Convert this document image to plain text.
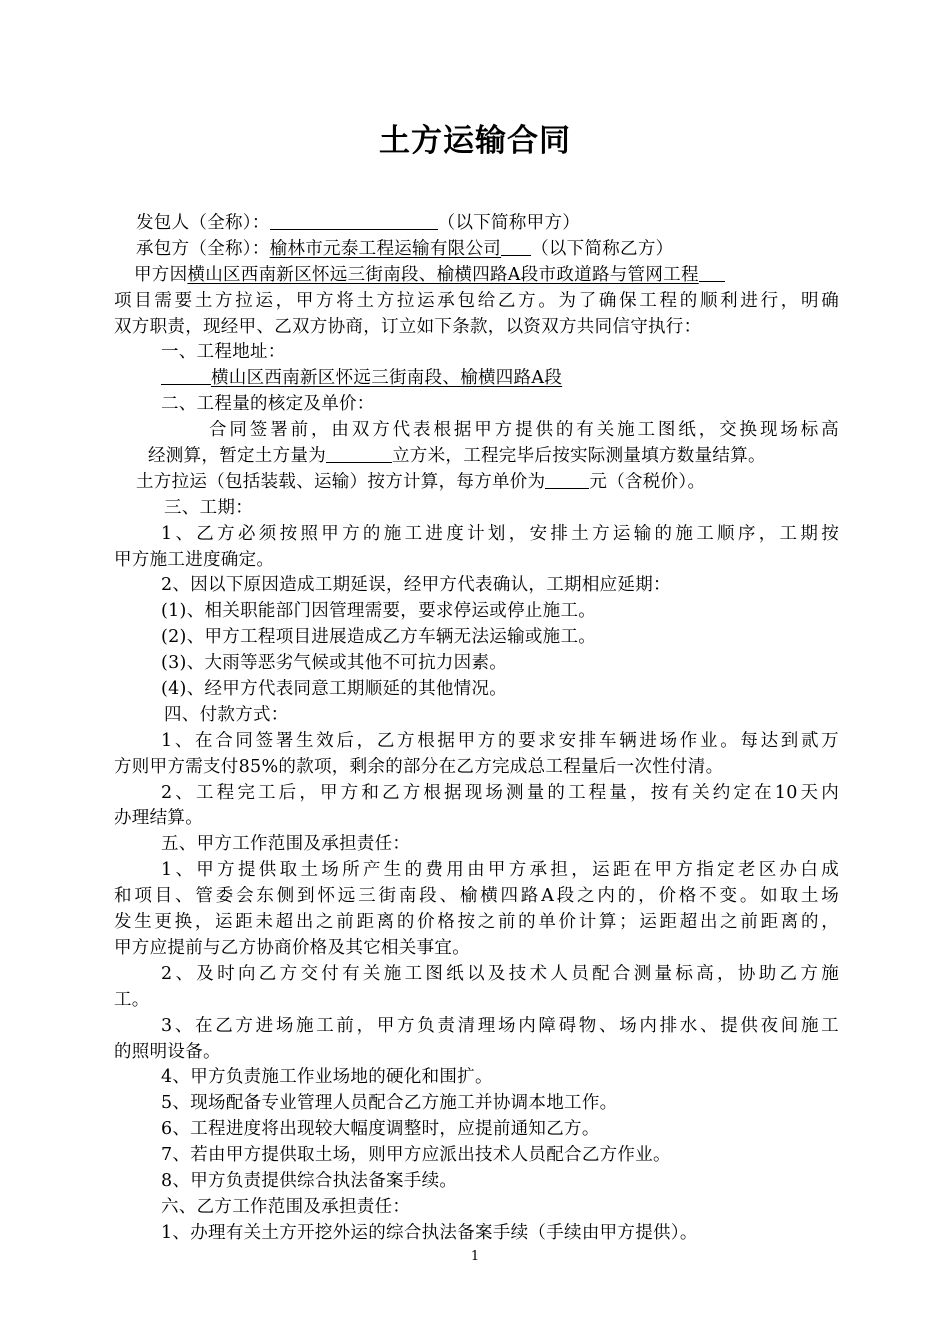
土方运输合同
发包人（全称）：	（以下简称甲方）
承包方（全称）：榆林市元泰工程运输有限公司 （以下简称乙方）
甲方因横山区西南新区怀远三街南段、榆横四路A段市政道路与管网工程
项目需要土方拉运，甲方将土方拉运承包给乙方。为了确保工程的顺利进行，明确
双方职责，现经甲、乙双方协商，订立如下条款，以资双方共同信守执行：
一、工程地址：
横山区西南新区怀远三街南段、榆横四路A段
二、工程量的核定及单价：
合同签署前，由双方代表根据甲方提供的有关施工图纸，交换现场标高
经测算，暂定土方量为	立方米，工程完毕后按实际测量填方数量结算。
土方拉运（包括装载、运输）按方计算，每方单价为	元（含税价）。
三、工期：
1、乙方必须按照甲方的施工进度计划，安排土方运输的施工顺序，工期按
甲方施工进度确定。
2、因以下原因造成工期延误，经甲方代表确认，工期相应延期：
(1)、相关职能部门因管理需要，要求停运或停止施工。
(2)、甲方工程项目进展造成乙方车辆无法运输或施工。
(3)、大雨等恶劣气候或其他不可抗力因素。
(4)、经甲方代表同意工期顺延的其他情况。
四、付款方式：
1、在合同签署生效后，乙方根据甲方的要求安排车辆进场作业。每达到贰万
方则甲方需支付85%的款项，剩余的部分在乙方完成总工程量后一次性付清。
2、工程完工后，甲方和乙方根据现场测量的工程量，按有关约定在10天内
办理结算。
五、甲方工作范围及承担责任：
1、甲方提供取土场所产生的费用由甲方承担，运距在甲方指定老区办白成
和项目、管委会东侧到怀远三街南段、榆横四路A段之内的，价格不变。如取土场
发生更换，运距未超出之前距离的价格按之前的单价计算；运距超出之前距离的，
甲方应提前与乙方协商价格及其它相关事宜。
2、及时向乙方交付有关施工图纸以及技术人员配合测量标高，协助乙方施
工。
3、在乙方进场施工前，甲方负责清理场内障碍物、场内排水、提供夜间施工
的照明设备。
4、甲方负责施工作业场地的硬化和围扩。
5、现场配备专业管理人员配合乙方施工并协调本地工作。
6、工程进度将出现较大幅度调整时，应提前通知乙方。
7、若由甲方提供取土场，则甲方应派出技术人员配合乙方作业。
8、甲方负责提供综合执法备案手续。
六、乙方工作范围及承担责任：
1、办理有关土方开挖外运的综合执法备案手续（手续由甲方提供）。
1
